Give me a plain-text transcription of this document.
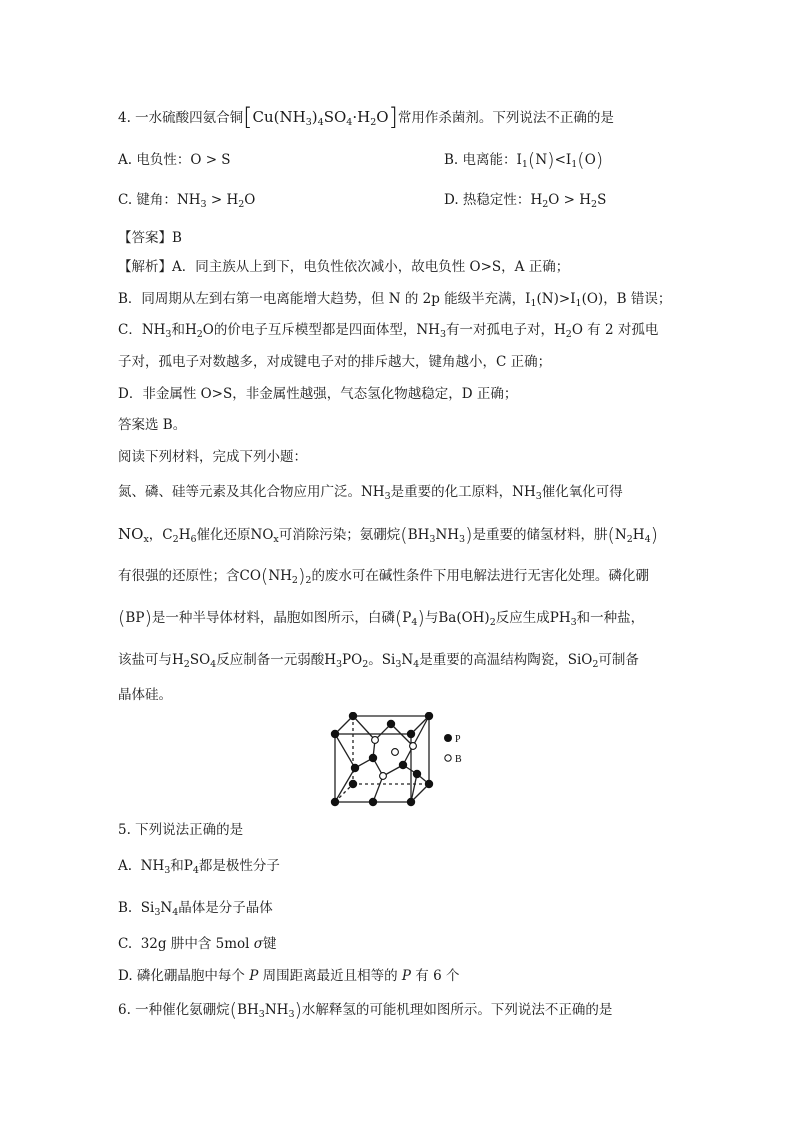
4. 一水硫酸四氨合铜$[Cu(NH_3)_4SO_4\cdot H_2O]$常用作杀菌剂。下列说法不正确的是
A. 电负性：O > S	B. 电离能：$I_1(N)<I_1(O)$
C. 键角：$NH_3 > H_2O$	D. 热稳定性：$H_2O > H_2S$
【答案】B
【解析】A．同主族从上到下，电负性依次减小，故电负性 O>S，A 正确；
B．同周期从左到右第一电离能增大趋势，但 N 的 2p 能级半充满，$I_1(N)>I_1(O)$，B 错误；
C．$NH_3$和$H_2O$的价电子互斥模型都是四面体型，$NH_3$有一对孤电子对，$H_2O$ 有 2 对孤电
子对，孤电子对数越多，对成键电子对的排斥越大，键角越小，C 正确；
D．非金属性 O>S，非金属性越强，气态氢化物越稳定，D 正确；
答案选 B。
阅读下列材料，完成下列小题：
氮、磷、硅等元素及其化合物应用广泛。$NH_3$是重要的化工原料，$NH_3$催化氧化可得
$NO_x$，$C_2H_6$催化还原$NO_x$可消除污染；氨硼烷$(BH_3NH_3)$是重要的储氢材料，肼$(N_2H_4)$
有很强的还原性；含$CO(NH_2)_2$的废水可在碱性条件下用电解法进行无害化处理。磷化硼
(BP)是一种半导体材料，晶胞如图所示，白磷$(P_4)$与$Ba(OH)_2$反应生成$PH_3$和一种盐，
该盐可与$H_2SO_4$反应制备一元弱酸$H_3PO_2$。$Si_3N_4$是重要的高温结构陶瓷，SiO$_2$可制备
晶体硅。
P
B
5. 下列说法正确的是
A.  $NH_3$和$P_4$都是极性分子
B.  $Si_3N_4$晶体是分子晶体
C.  32g 肼中含 5mol σ键
D. 磷化硼晶胞中每个 P 周围距离最近且相等的 P 有 6 个
6. 一种催化氨硼烷$(BH_3NH_3)$水解释氢的可能机理如图所示。下列说法不正确的是
